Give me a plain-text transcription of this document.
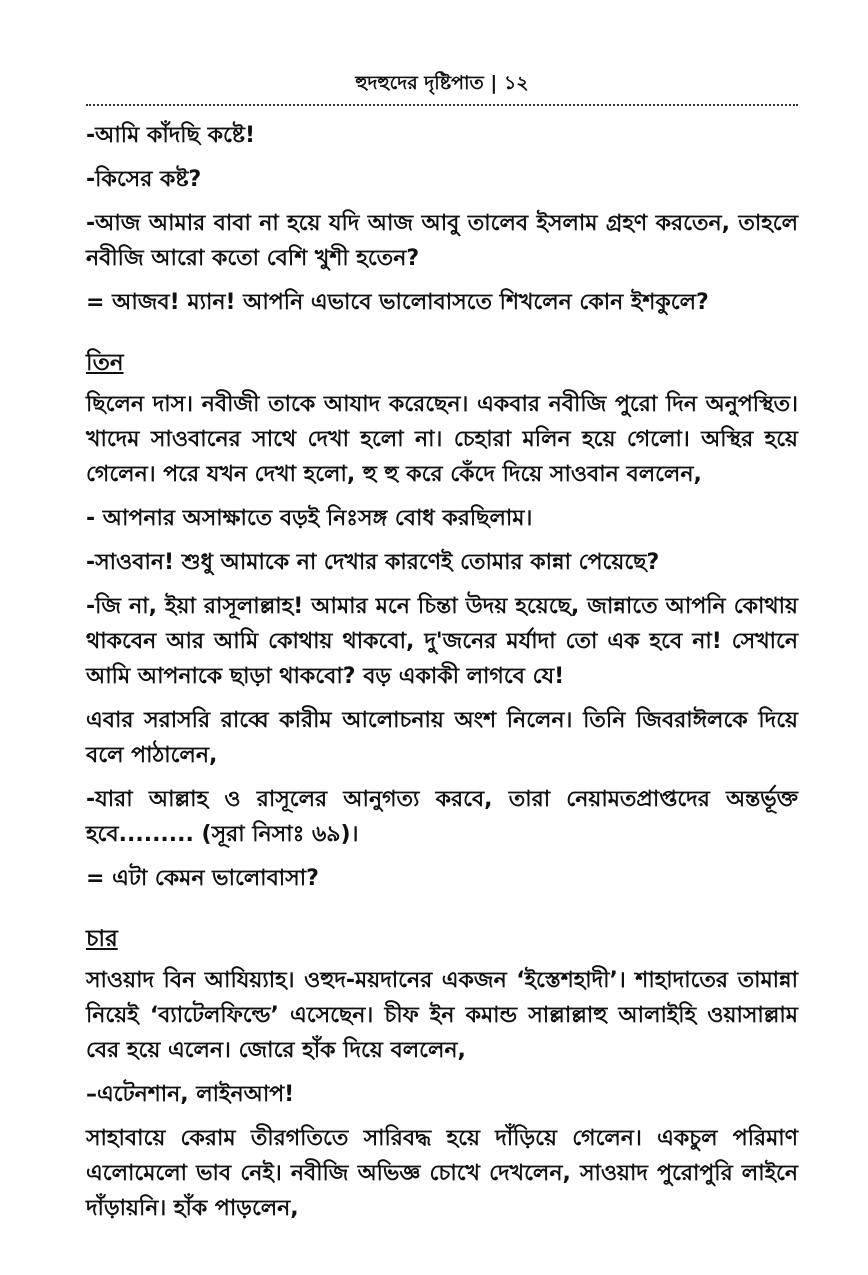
হুদহুদের দৃষ্টিপাত | ১২
-আমি কাঁদছি কষ্টে!
-কিসের কষ্ট?
-আজ আমার বাবা না হয়ে যদি আজ আবু তালেব ইসলাম গ্রহণ করতেন, তাহলে নবীজি আরো কতো বেশি খুশী হতেন?
= আজব! ম্যান! আপনি এভাবে ভালোবাসতে শিখলেন কোন ইশকুলে?
তিন
ছিলেন দাস। নবীজী তাকে আযাদ করেছেন। একবার নবীজি পুরো দিন অনুপস্থিত। খাদেম সাওবানের সাথে দেখা হলো না। চেহারা মলিন হয়ে গেলো। অস্থির হয়ে গেলেন। পরে যখন দেখা হলো, হু হু করে কেঁদে দিয়ে সাওবান বললেন,
- আপনার অসাক্ষাতে বড়ই নিঃসঙ্গ বোধ করছিলাম।
-সাওবান! শুধু আমাকে না দেখার কারণেই তোমার কান্না পেয়েছে?
-জি না, ইয়া রাসূলাল্লাহ! আমার মনে চিন্তা উদয় হয়েছে, জান্নাতে আপনি কোথায় থাকবেন আর আমি কোথায় থাকবো, দু'জনের মর্যাদা তো এক হবে না! সেখানে আমি আপনাকে ছাড়া থাকবো? বড় একাকী লাগবে যে!
এবার সরাসরি রাব্বে কারীম আলোচনায় অংশ নিলেন। তিনি জিবরাঈলকে দিয়ে বলে পাঠালেন,
-যারা আল্লাহ ও রাসূলের আনুগত্য করবে, তারা নেয়ামতপ্রাপ্তদের অন্তর্ভূক্ত হবে......... (সূরা নিসাঃ ৬৯)।
= এটা কেমন ভালোবাসা?
চার
সাওয়াদ বিন আযিয়্যাহ। ওহুদ-ময়দানের একজন ‘ইস্তেশহাদী’। শাহাদাতের তামান্না নিয়েই ‘ব্যাটেলফিল্ডে’ এসেছেন। চীফ ইন কমান্ড সাল্লাল্লাহু আলাইহি ওয়াসাল্লাম বের হয়ে এলেন। জোরে হাঁক দিয়ে বললেন,
–এটেনশান, লাইনআপ!
সাহাবায়ে কেরাম তীরগতিতে সারিবদ্ধ হয়ে দাঁড়িয়ে গেলেন। একচুল পরিমাণ এলোমেলো ভাব নেই। নবীজি অভিজ্ঞ চোখে দেখলেন, সাওয়াদ পুরোপুরি লাইনে দাঁড়ায়নি। হাঁক পাড়লেন,
